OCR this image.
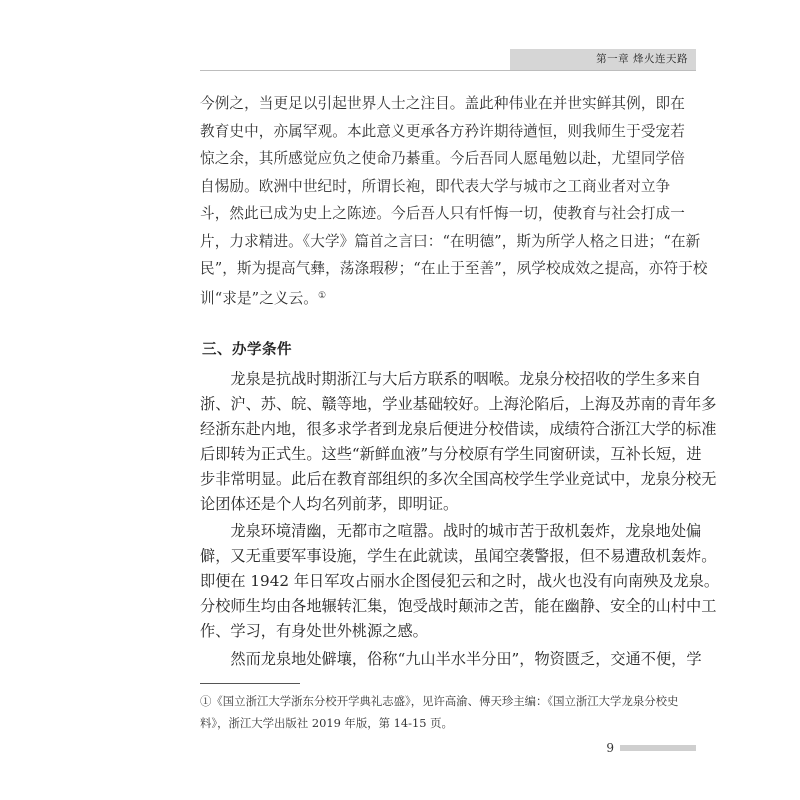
第一章 烽火连天路
今例之，当更足以引起世界人士之注目。盖此种伟业在并世实鲜其例，即在
教育史中，亦属罕观。本此意义更承各方矜许期待遒恒，则我师生于受宠若
惊之余，其所感觉应负之使命乃綦重。今后吾同人愿黾勉以赴，尤望同学倍
自惕励。欧洲中世纪时，所谓长袍，即代表大学与城市之工商业者对立争
斗，然此已成为史上之陈迹。今后吾人只有忏悔一切，使教育与社会打成一
片，力求精进。《大学》篇首之言曰：“在明德”，斯为所学人格之日进；“在新
民”，斯为提高气彝，荡涤瑕秽；“在止于至善”，夙学校成效之提高，亦符于校
训“求是”之义云。①
三、办学条件
　　龙泉是抗战时期浙江与大后方联系的咽喉。龙泉分校招收的学生多来自
浙、沪、苏、皖、赣等地，学业基础较好。上海沦陷后，上海及苏南的青年多
经浙东赴内地，很多求学者到龙泉后便进分校借读，成绩符合浙江大学的标准
后即转为正式生。这些“新鲜血液”与分校原有学生同窗研读，互补长短，进
步非常明显。此后在教育部组织的多次全国高校学生学业竞试中，龙泉分校无
论团体还是个人均名列前茅，即明证。
　　龙泉环境清幽，无都市之喧嚣。战时的城市苦于敌机轰炸，龙泉地处偏
僻，又无重要军事设施，学生在此就读，虽闻空袭警报，但不易遭敌机轰炸。
即便在 1942 年日军攻占丽水企图侵犯云和之时，战火也没有向南殃及龙泉。
分校师生均由各地辗转汇集，饱受战时颠沛之苦，能在幽静、安全的山村中工
作、学习，有身处世外桃源之感。
　　然而龙泉地处僻壤，俗称“九山半水半分田”，物资匮乏，交通不便，学
①《国立浙江大学浙东分校开学典礼志盛》，见许高渝、傅天珍主编：《国立浙江大学龙泉分校史
料》，浙江大学出版社 2019 年版，第 14-15 页。
9
